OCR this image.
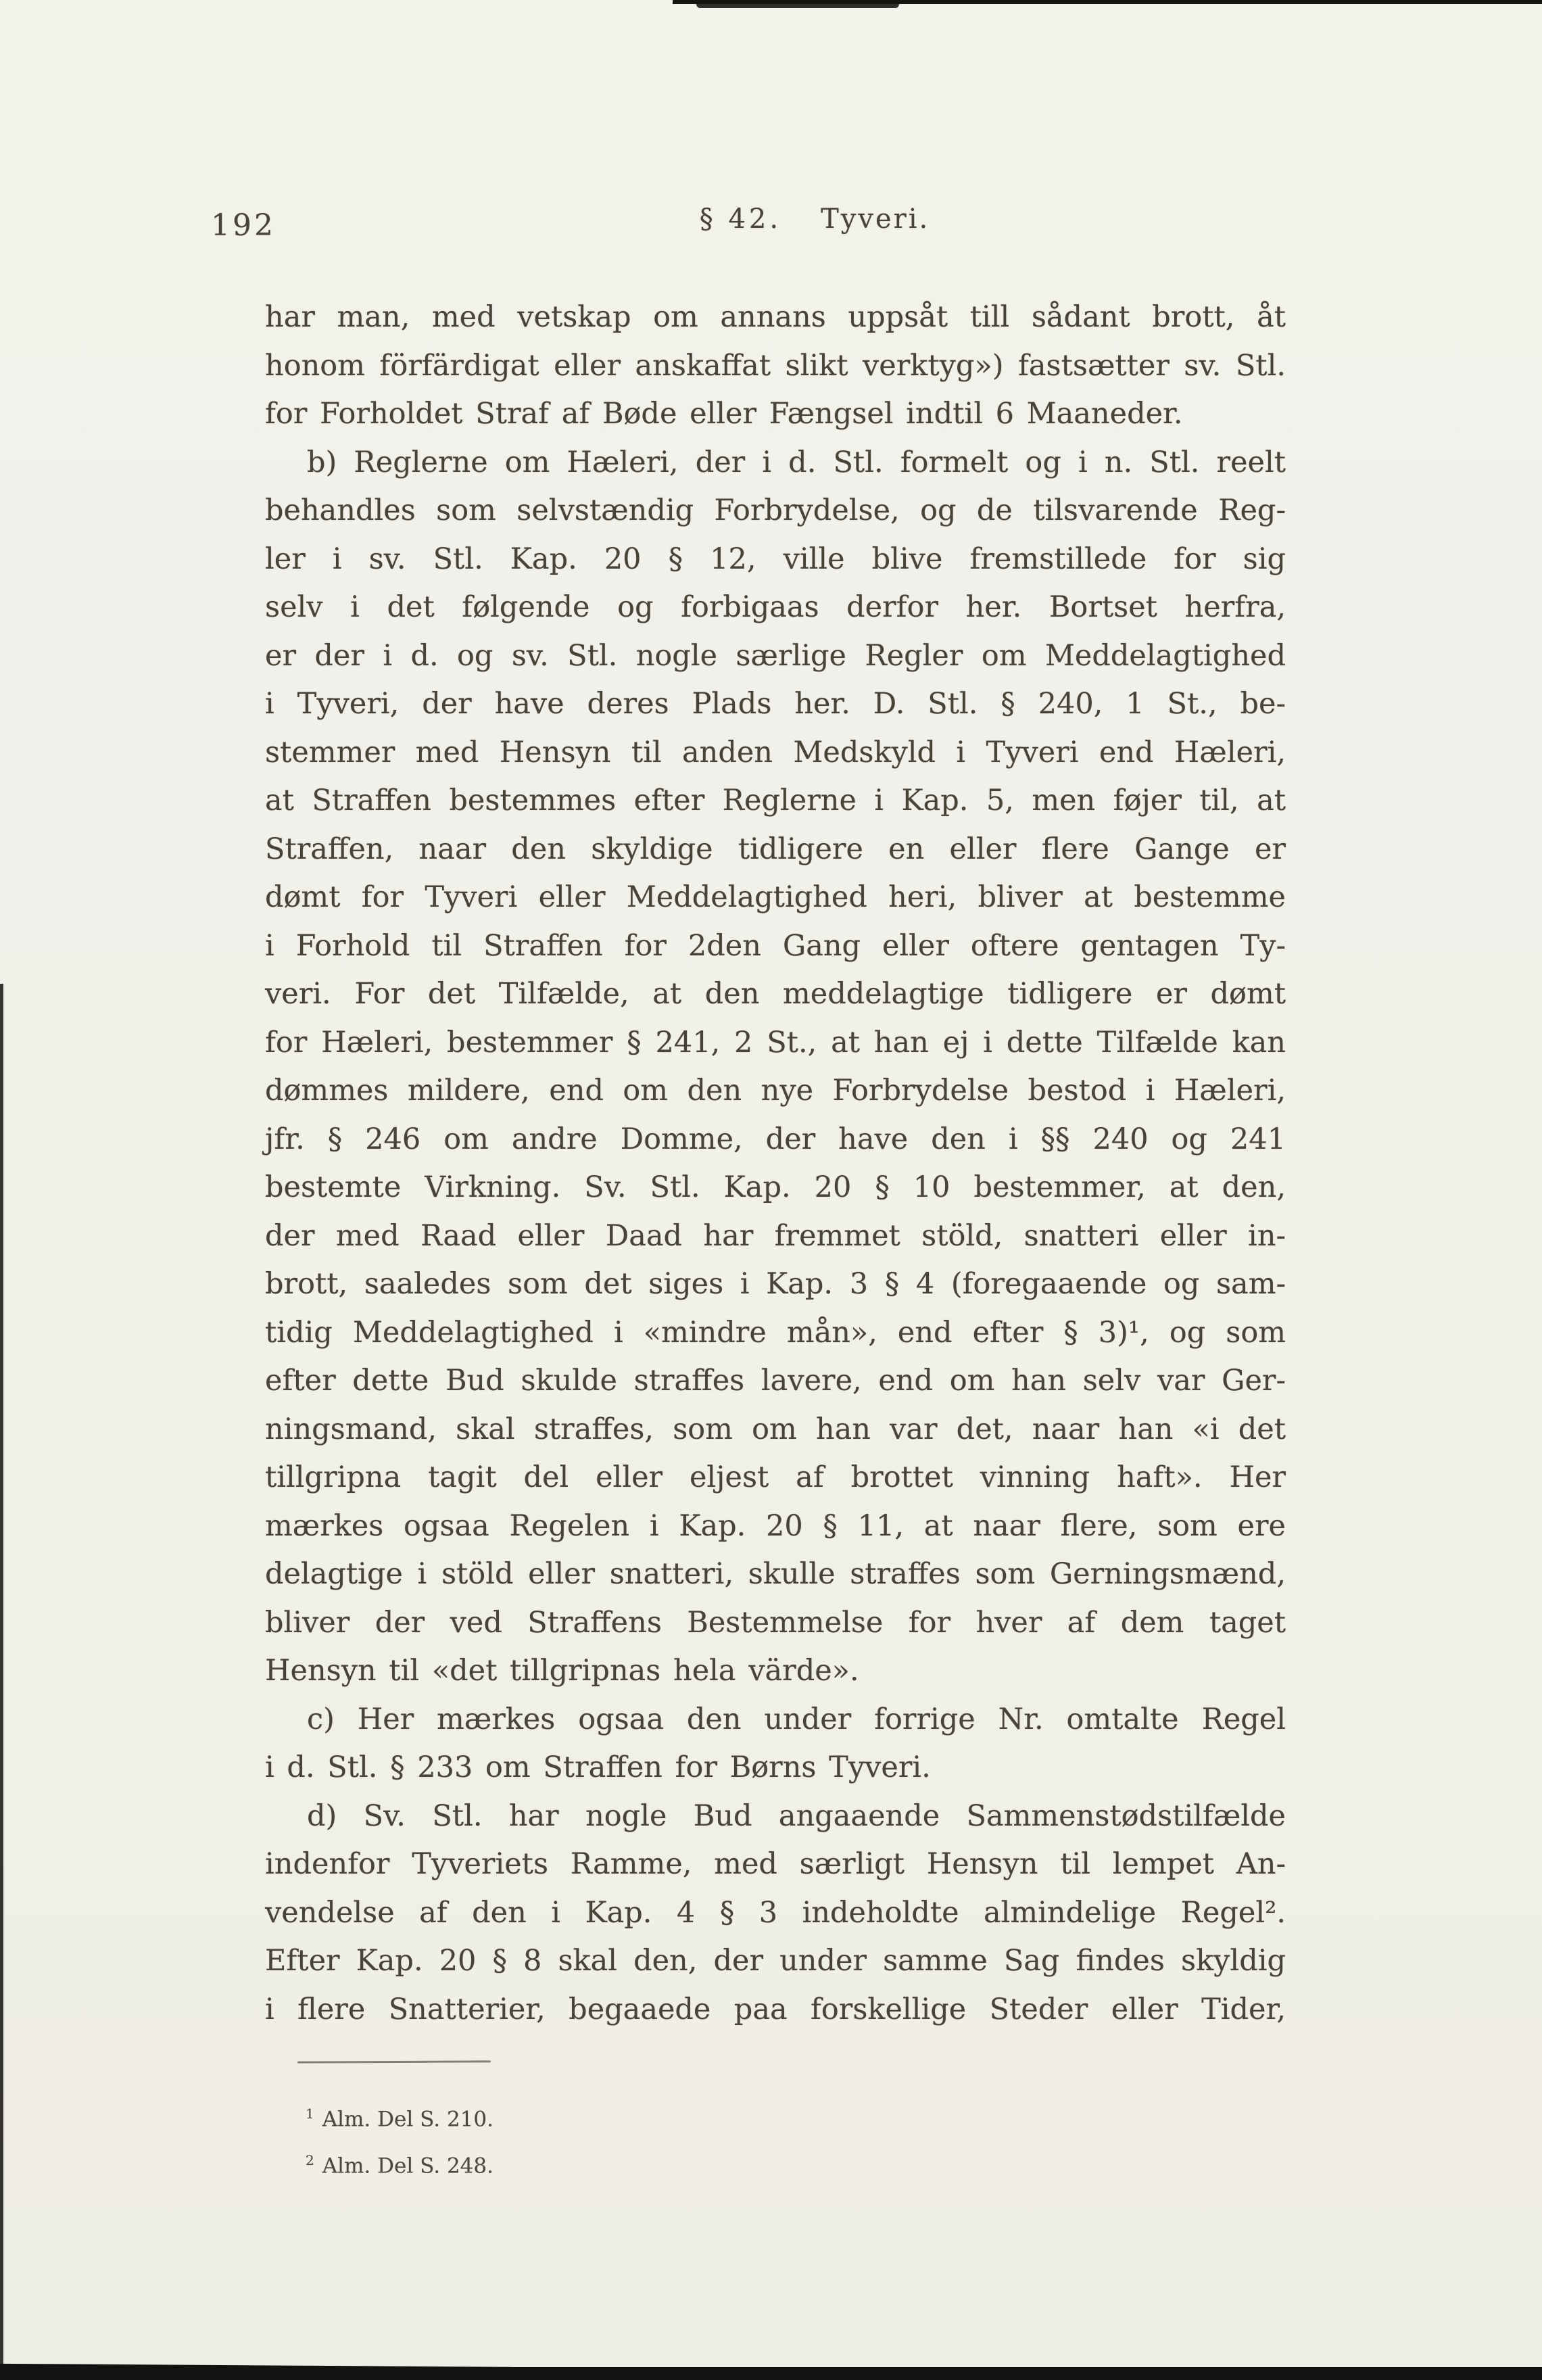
192	§ 42. Tyveri.
har man, med vetskap om annans uppsåt till sådant brott, åt
honom förfärdigat eller anskaffat slikt verktyg») fastsætter sv. Stl.
for Forholdet Straf af Bøde eller Fængsel indtil 6 Maaneder.
b) Reglerne om Hæleri, der i d. Stl. formelt og i n. Stl. reelt
behandles som selvstændig Forbrydelse, og de tilsvarende Reg-
ler i sv. Stl. Kap. 20 § 12, ville blive fremstillede for sig
selv i det følgende og forbigaas derfor her. Bortset herfra,
er der i d. og sv. Stl. nogle særlige Regler om Meddelagtighed
i Tyveri, der have deres Plads her. D. Stl. § 240, 1 St., be-
stemmer med Hensyn til anden Medskyld i Tyveri end Hæleri,
at Straffen bestemmes efter Reglerne i Kap. 5, men føjer til, at
Straffen, naar den skyldige tidligere en eller flere Gange er
dømt for Tyveri eller Meddelagtighed heri, bliver at bestemme
i Forhold til Straffen for 2den Gang eller oftere gentagen Ty-
veri. For det Tilfælde, at den meddelagtige tidligere er dømt
for Hæleri, bestemmer § 241, 2 St., at han ej i dette Tilfælde kan
dømmes mildere, end om den nye Forbrydelse bestod i Hæleri,
jfr. § 246 om andre Domme, der have den i §§ 240 og 241
bestemte Virkning. Sv. Stl. Kap. 20 § 10 bestemmer, at den,
der med Raad eller Daad har fremmet stöld, snatteri eller in-
brott, saaledes som det siges i Kap. 3 § 4 (foregaaende og sam-
tidig Meddelagtighed i «mindre mån», end efter § 3)¹, og som
efter dette Bud skulde straffes lavere, end om han selv var Ger-
ningsmand, skal straffes, som om han var det, naar han «i det
tillgripna tagit del eller eljest af brottet vinning haft». Her
mærkes ogsaa Regelen i Kap. 20 § 11, at naar flere, som ere
delagtige i stöld eller snatteri, skulle straffes som Gerningsmænd,
bliver der ved Straffens Bestemmelse for hver af dem taget
Hensyn til «det tillgripnas hela värde».
c) Her mærkes ogsaa den under forrige Nr. omtalte Regel
i d. Stl. § 233 om Straffen for Børns Tyveri.
d) Sv. Stl. har nogle Bud angaaende Sammenstødstilfælde
indenfor Tyveriets Ramme, med særligt Hensyn til lempet An-
vendelse af den i Kap. 4 § 3 indeholdte almindelige Regel².
Efter Kap. 20 § 8 skal den, der under samme Sag findes skyldig
i flere Snatterier, begaaede paa forskellige Steder eller Tider,
$^1$ Alm. Del S. 210.
$^2$ Alm. Del S. 248.
